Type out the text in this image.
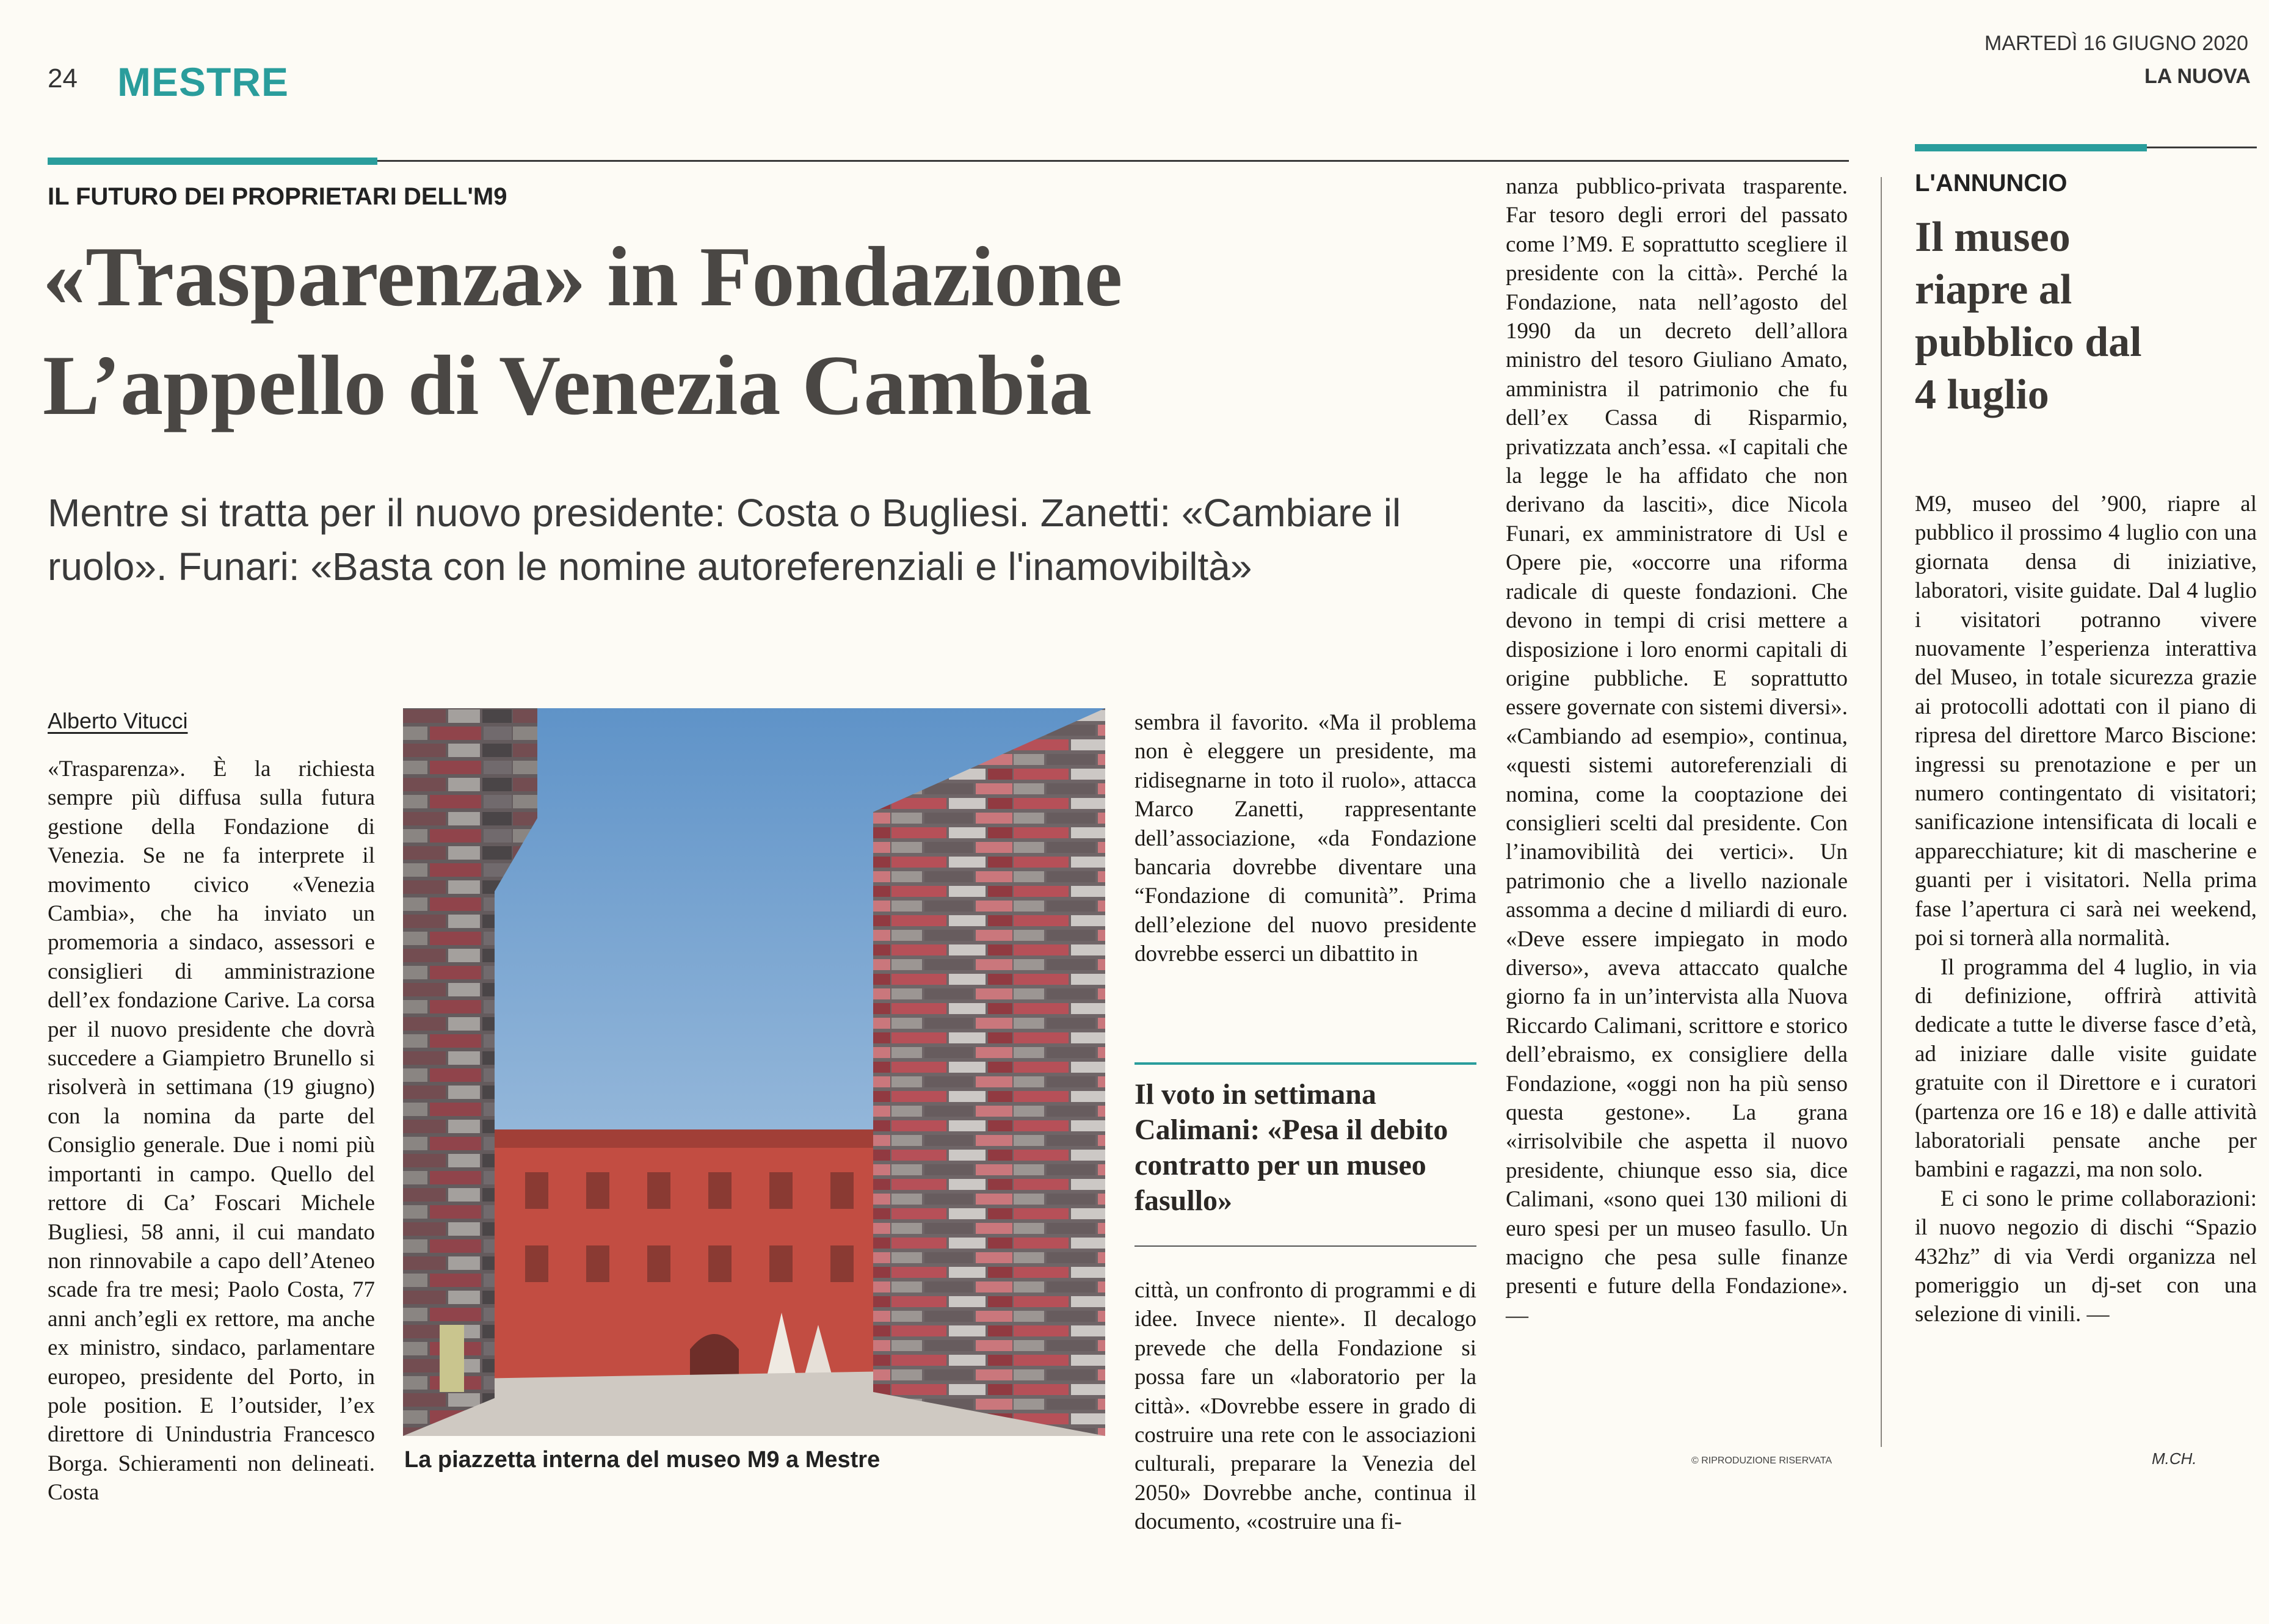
24 MESTRE
MARTEDÌ 16 GIUGNO 2020
LA NUOVA
IL FUTURO DEI PROPRIETARI DELL'M9
«Trasparenza» in Fondazione
L’appello di Venezia Cambia
Mentre si tratta per il nuovo presidente: Costa o Bugliesi. Zanetti: «Cambiare il ruolo». Funari: «Basta con le nomine autoreferenziali e l'inamovibiltà»
Alberto Vitucci

«Trasparenza». È la richiesta sempre più diffusa sulla futura gestione della Fondazione di Venezia. Se ne fa interprete il movimento civico «Venezia Cambia», che ha inviato un promemoria a sindaco, assessori e consiglieri di amministrazione dell’ex fondazione Carive. La corsa per il nuovo presidente che dovrà succedere a Giampietro Brunello si risolverà in settimana (19 giugno) con la nomina da parte del Consiglio generale. Due i nomi più importanti in campo. Quello del rettore di Ca’ Foscari Michele Bugliesi, 58 anni, il cui mandato non rinnovabile a capo dell’Ateneo scade fra tre mesi; Paolo Costa, 77 anni anch’egli ex rettore, ma anche ex ministro, sindaco, parlamentare europeo, presidente del Porto, in pole position. E l’outsider, l’ex direttore di Unindustria Francesco Borga. Schieramenti non delineati. Costa

La piazzetta interna del museo M9 a Mestre

sembra il favorito. «Ma il problema non è eleggere un presidente, ma ridisegnarne in toto il ruolo», attacca Marco Zanetti, rappresentante dell’associazione, «da Fondazione bancaria dovrebbe diventare una “Fondazione di comunità”. Prima dell’elezione del nuovo presidente dovrebbe esserci un dibattito in

Il voto in settimana Calimani: «Pesa il debito contratto per un museo fasullo»

città, un confronto di programmi e di idee. Invece niente». Il decalogo prevede che della Fondazione si possa fare un «laboratorio per la città». «Dovrebbe essere in grado di costruire una rete con le associazioni culturali, preparare la Venezia del 2050» Dovrebbe anche, continua il documento, «costruire una fi-

nanza pubblico-privata trasparente. Far tesoro degli errori del passato come l’M9. E soprattutto scegliere il presidente con la città». Perché la Fondazione, nata nell’agosto del 1990 da un decreto dell’allora ministro del tesoro Giuliano Amato, amministra il patrimonio che fu dell’ex Cassa di Risparmio, privatizzata anch’essa. «I capitali che la legge le ha affidato che non derivano da lasciti», dice Nicola Funari, ex amministratore di Usl e Opere pie, «occorre una riforma radicale di queste fondazioni. Che devono in tempi di crisi mettere a disposizione i loro enormi capitali di origine pubbliche. E soprattutto essere governate con sistemi diversi». «Cambiando ad esempio», continua, «questi sistemi autoreferenziali di nomina, come la cooptazione dei consiglieri scelti dal presidente. Con l’inamovibilità dei vertici». Un patrimonio che a livello nazionale assomma a decine d miliardi di euro. «Deve essere impiegato in modo diverso», aveva attaccato qualche giorno fa in un’intervista alla Nuova Riccardo Calimani, scrittore e storico dell’ebraismo, ex consigliere della Fondazione, «oggi non ha più senso questa gestone». La grana «irrisolvibile che aspetta il nuovo presidente, chiunque esso sia, dice Calimani, «sono quei 130 milioni di euro spesi per un museo fasullo. Un macigno che pesa sulle finanze presenti e future della Fondazione». —

© RIPRODUZIONE RISERVATA
L'ANNUNCIO
Il museo riapre al pubblico dal 4 luglio

M9, museo del ’900, riapre al pubblico il prossimo 4 luglio con una giornata densa di iniziative, laboratori, visite guidate. Dal 4 luglio i visitatori potranno vivere nuovamente l’esperienza interattiva del Museo, in totale sicurezza grazie ai protocolli adottati con il piano di ripresa del direttore Marco Biscione: ingressi su prenotazione e per un numero contingentato di visitatori; sanificazione intensificata di locali e apparecchiature; kit di mascherine e guanti per i visitatori. Nella prima fase l’apertura ci sarà nei weekend, poi si tornerà alla normalità.

Il programma del 4 luglio, in via di definizione, offrirà attività dedicate a tutte le diverse fasce d’età, ad iniziare dalle visite guidate gratuite con il Direttore e i curatori (partenza ore 16 e 18) e dalle attività laboratoriali pensate anche per bambini e ragazzi, ma non solo.

E ci sono le prime collaborazioni: il nuovo negozio di dischi “Spazio 432hz” di via Verdi organizza nel pomeriggio un dj-set con una selezione di vinili. —

M.CH.
